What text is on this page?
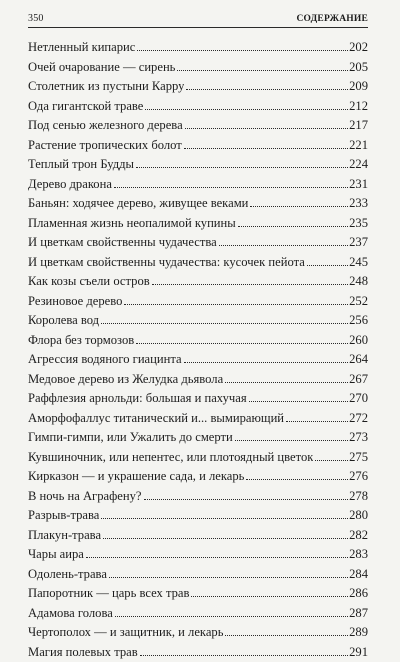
350	СОДЕРЖАНИЕ
Нетленный кипарис	202
Очей очарование — сирень	205
Столетник из пустыни Карру	209
Ода гигантской траве	212
Под сенью железного дерева	217
Растение тропических болот	221
Теплый трон Будды	224
Дерево дракона	231
Баньян: ходячее дерево, живущее веками	233
Пламенная жизнь неопалимой купины	235
И цветкам свойственны чудачества	237
И цветкам свойственны чудачества: кусочек пейота	245
Как козы съели остров	248
Резиновое дерево	252
Королева вод	256
Флора без тормозов	260
Агрессия водяного гиацинта	264
Медовое дерево из Желудка дьявола	267
Раффлезия арнольди: большая и пахучая	270
Аморфофаллус титанический и... вымирающий	272
Гимпи-гимпи, или Ужалить до смерти	273
Кувшиночник, или непентес, или плотоядный цветок	275
Кирказон — и украшение сада, и лекарь	276
В ночь на Аграфену?	278
Разрыв-трава	280
Плакун-трава	282
Чары аира	283
Одолень-трава	284
Папоротник — царь всех трав	286
Адамова голова	287
Чертополох — и защитник, и лекарь	289
Магия полевых трав	291
